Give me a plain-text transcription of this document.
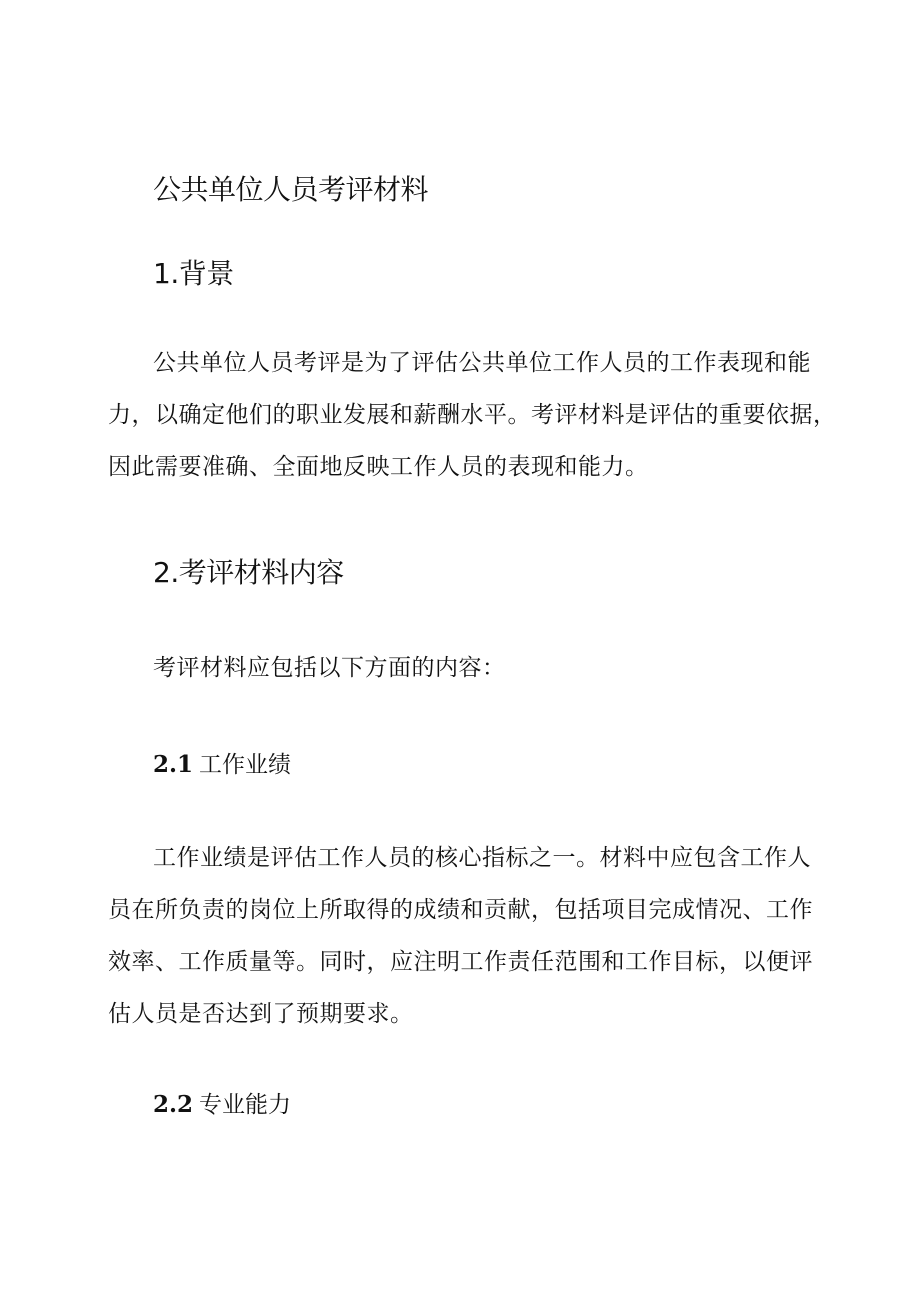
公共单位人员考评材料
1.背景
公共单位人员考评是为了评估公共单位工作人员的工作表现和能
力，以确定他们的职业发展和薪酬水平。考评材料是评估的重要依据，
因此需要准确、全面地反映工作人员的表现和能力。
2.考评材料内容
考评材料应包括以下方面的内容：
2.1 工作业绩
工作业绩是评估工作人员的核心指标之一。材料中应包含工作人
员在所负责的岗位上所取得的成绩和贡献，包括项目完成情况、工作
效率、工作质量等。同时，应注明工作责任范围和工作目标，以便评
估人员是否达到了预期要求。
2.2 专业能力
